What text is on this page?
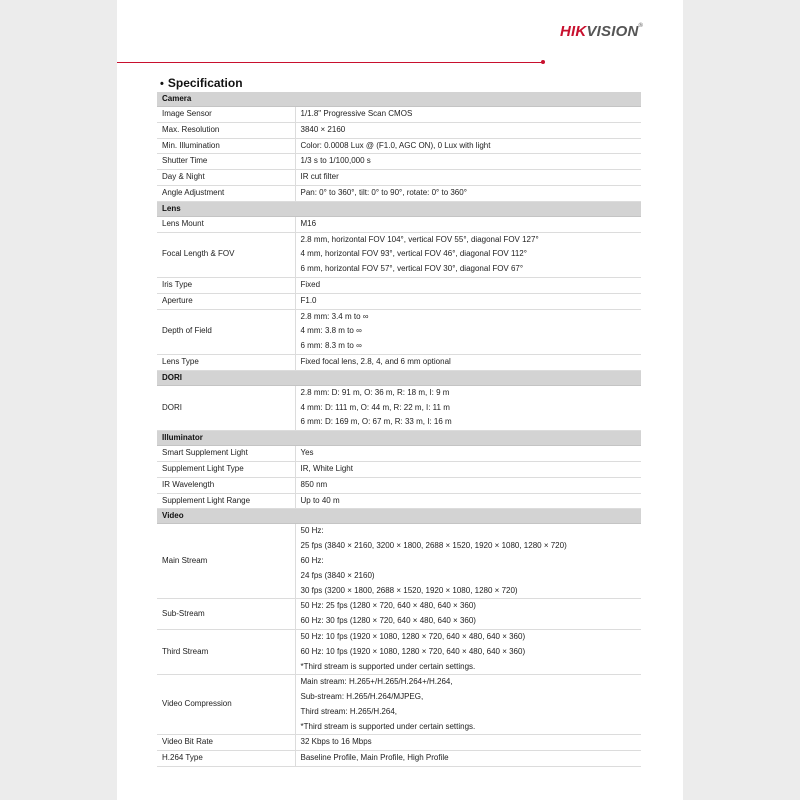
HIKVISION®
• Specification
Camera	
Image Sensor	1/1.8" Progressive Scan CMOS

Max. Resolution	3840 × 2160

Min. Illumination	Color: 0.0008 Lux @ (F1.0, AGC ON), 0 Lux with light

Shutter Time	1/3 s to 1/100,000 s

Day & Night	IR cut filter

Angle Adjustment	Pan: 0° to 360°, tilt: 0° to 90°, rotate: 0° to 360°

Lens	
Lens Mount	M16

Focal Length & FOV	2.8 mm, horizontal FOV 104°, vertical FOV 55°, diagonal FOV 127°
4 mm, horizontal FOV 93°, vertical FOV 46°, diagonal FOV 112°
6 mm, horizontal FOV 57°, vertical FOV 30°, diagonal FOV 67°

Iris Type	Fixed

Aperture	F1.0

Depth of Field	2.8 mm: 3.4 m to ∞
4 mm: 3.8 m to ∞
6 mm: 8.3 m to ∞

Lens Type	Fixed focal lens, 2.8, 4, and 6 mm optional

DORI	
DORI	2.8 mm: D: 91 m, O: 36 m, R: 18 m, I: 9 m
4 mm: D: 111 m, O: 44 m, R: 22 m, I: 11 m
6 mm: D: 169 m, O: 67 m, R: 33 m, I: 16 m

Illuminator	
Smart Supplement Light	Yes

Supplement Light Type	IR, White Light

IR Wavelength	850 nm

Supplement Light Range	Up to 40 m

Video	
Main Stream	50 Hz:
25 fps (3840 × 2160, 3200 × 1800, 2688 × 1520, 1920 × 1080, 1280 × 720)
60 Hz:
24 fps (3840 × 2160)
30 fps (3200 × 1800, 2688 × 1520, 1920 × 1080, 1280 × 720)

Sub-Stream	50 Hz: 25 fps (1280 × 720, 640 × 480, 640 × 360)
60 Hz: 30 fps (1280 × 720, 640 × 480, 640 × 360)

Third Stream	50 Hz: 10 fps (1920 × 1080, 1280 × 720, 640 × 480, 640 × 360)
60 Hz: 10 fps (1920 × 1080, 1280 × 720, 640 × 480, 640 × 360)
*Third stream is supported under certain settings.

Video Compression	Main stream: H.265+/H.265/H.264+/H.264,
Sub-stream: H.265/H.264/MJPEG,
Third stream: H.265/H.264,
*Third stream is supported under certain settings.

Video Bit Rate	32 Kbps to 16 Mbps

H.264 Type	Baseline Profile, Main Profile, High Profile
